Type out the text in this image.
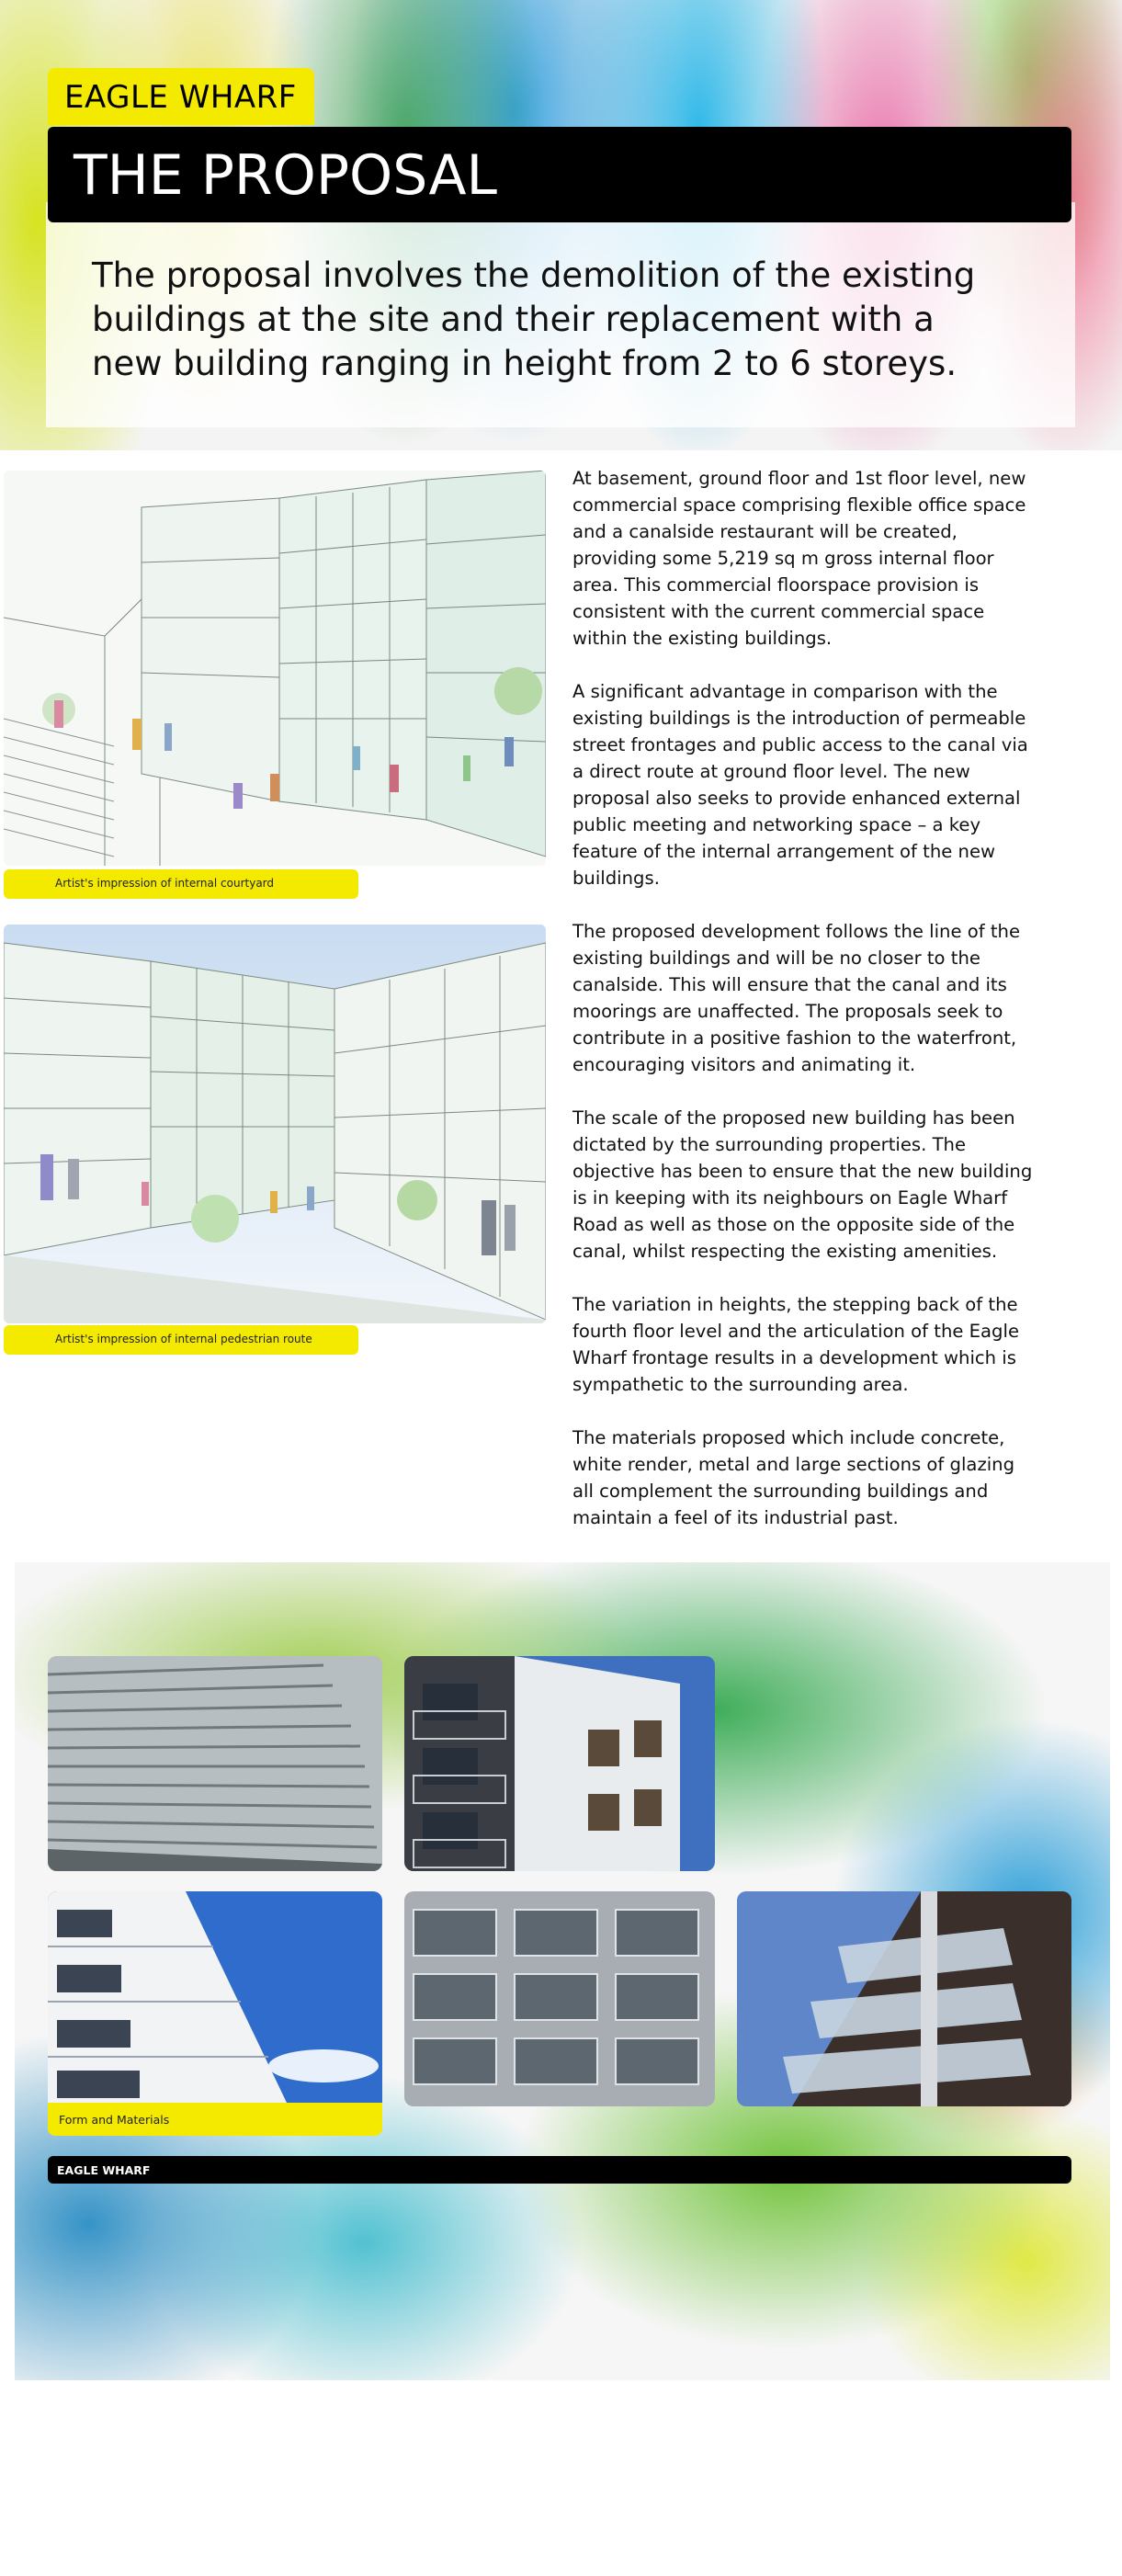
EAGLE WHARF
THE PROPOSAL
The proposal involves the demolition of the existing buildings at the site and their replacement with a new building ranging in height from 2 to 6 storeys.
Artist's impression of internal courtyard
Artist's impression of internal pedestrian route

At basement, ground floor and 1st floor level, new commercial space comprising flexible office space and a canalside restaurant will be created, providing some 5,219 sq m gross internal floor area. This commercial floorspace provision is consistent with the current commercial space within the existing buildings.

A significant advantage in comparison with the existing buildings is the introduction of permeable street frontages and public access to the canal via a direct route at ground floor level. The new proposal also seeks to provide enhanced external public meeting and networking space – a key feature of the internal arrangement of the new buildings.

The proposed development follows the line of the existing buildings and will be no closer to the canalside. This will ensure that the canal and its moorings are unaffected. The proposals seek to contribute in a positive fashion to the waterfront, encouraging visitors and animating it.

The scale of the proposed new building has been dictated by the surrounding properties. The objective has been to ensure that the new building is in keeping with its neighbours on Eagle Wharf Road as well as those on the opposite side of the canal, whilst respecting the existing amenities.

The variation in heights, the stepping back of the fourth floor level and the articulation of the Eagle Wharf frontage results in a development which is sympathetic to the surrounding area.

The materials proposed which include concrete, white render, metal and large sections of glazing all complement the surrounding buildings and maintain a feel of its industrial past.

Form and Materials
EAGLE WHARF
